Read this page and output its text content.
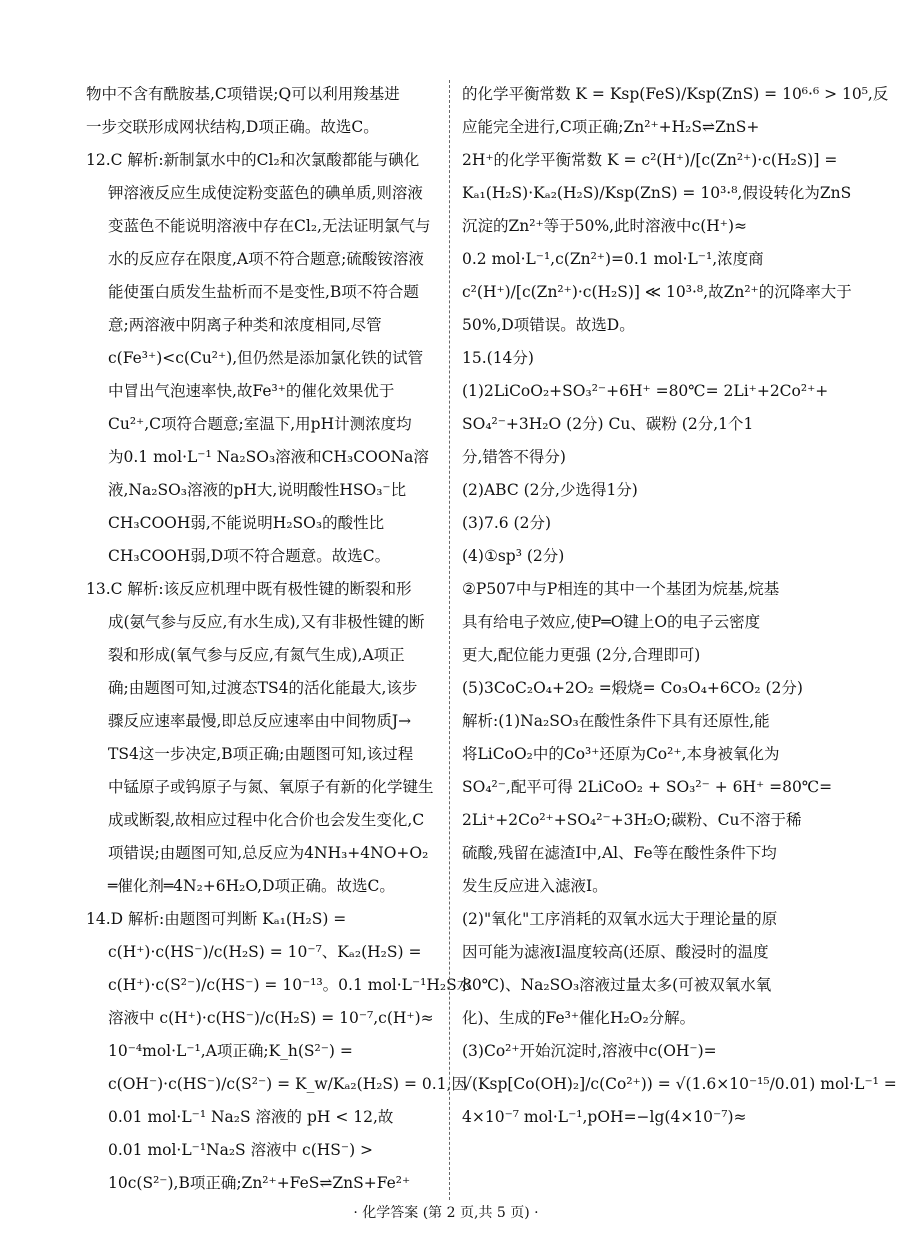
物中不含有酰胺基,C项错误;Q可以利用羧基进
一步交联形成网状结构,D项正确。故选C。
12.C 解析:新制氯水中的Cl₂和次氯酸都能与碘化
钾溶液反应生成使淀粉变蓝色的碘单质,则溶液
变蓝色不能说明溶液中存在Cl₂,无法证明氯气与
水的反应存在限度,A项不符合题意;硫酸铵溶液
能使蛋白质发生盐析而不是变性,B项不符合题
意;两溶液中阴离子种类和浓度相同,尽管
c(Fe³⁺)<c(Cu²⁺),但仍然是添加氯化铁的试管
中冒出气泡速率快,故Fe³⁺的催化效果优于
Cu²⁺,C项符合题意;室温下,用pH计测浓度均
为0.1 mol·L⁻¹ Na₂SO₃溶液和CH₃COONa溶
液,Na₂SO₃溶液的pH大,说明酸性HSO₃⁻比
CH₃COOH弱,不能说明H₂SO₃的酸性比
CH₃COOH弱,D项不符合题意。故选C。
13.C 解析:该反应机理中既有极性键的断裂和形
成(氨气参与反应,有水生成),又有非极性键的断
裂和形成(氧气参与反应,有氮气生成),A项正
确;由题图可知,过渡态TS4的活化能最大,该步
骤反应速率最慢,即总反应速率由中间物质J→
TS4这一步决定,B项正确;由题图可知,该过程
中锰原子或钨原子与氮、氧原子有新的化学键生
成或断裂,故相应过程中化合价也会发生变化,C
项错误;由题图可知,总反应为4NH₃+4NO+O₂
═催化剂═4N₂+6H₂O,D项正确。故选C。
14.D 解析:由题图可判断 Kₐ₁(H₂S) =
c(H⁺)·c(HS⁻)/c(H₂S) = 10⁻⁷、Kₐ₂(H₂S) =
c(H⁺)·c(S²⁻)/c(HS⁻) = 10⁻¹³。0.1 mol·L⁻¹H₂S水
溶液中 c(H⁺)·c(HS⁻)/c(H₂S) = 10⁻⁷,c(H⁺)≈
10⁻⁴mol·L⁻¹,A项正确;K_h(S²⁻) =
c(OH⁻)·c(HS⁻)/c(S²⁻) = K_w/Kₐ₂(H₂S) = 0.1,因
0.01 mol·L⁻¹ Na₂S 溶液的 pH < 12,故
0.01 mol·L⁻¹Na₂S 溶液中 c(HS⁻) >
10c(S²⁻),B项正确;Zn²⁺+FeS⇌ZnS+Fe²⁺
的化学平衡常数 K = Ksp(FeS)/Ksp(ZnS) = 10⁶·⁶ > 10⁵,反
应能完全进行,C项正确;Zn²⁺+H₂S⇌ZnS+
2H⁺的化学平衡常数 K = c²(H⁺)/[c(Zn²⁺)·c(H₂S)] =
Kₐ₁(H₂S)·Kₐ₂(H₂S)/Ksp(ZnS) = 10³·⁸,假设转化为ZnS
沉淀的Zn²⁺等于50%,此时溶液中c(H⁺)≈
0.2 mol·L⁻¹,c(Zn²⁺)=0.1 mol·L⁻¹,浓度商
c²(H⁺)/[c(Zn²⁺)·c(H₂S)] ≪ 10³·⁸,故Zn²⁺的沉降率大于
50%,D项错误。故选D。
15.(14分)
(1)2LiCoO₂+SO₃²⁻+6H⁺ =80℃= 2Li⁺+2Co²⁺+
SO₄²⁻+3H₂O (2分) Cu、碳粉 (2分,1个1
分,错答不得分)
(2)ABC (2分,少选得1分)
(3)7.6 (2分)
(4)①sp³ (2分)
②P507中与P相连的其中一个基团为烷基,烷基
具有给电子效应,使P═O键上O的电子云密度
更大,配位能力更强 (2分,合理即可)
(5)3CoC₂O₄+2O₂ =煅烧= Co₃O₄+6CO₂ (2分)
解析:(1)Na₂SO₃在酸性条件下具有还原性,能
将LiCoO₂中的Co³⁺还原为Co²⁺,本身被氧化为
SO₄²⁻,配平可得 2LiCoO₂ + SO₃²⁻ + 6H⁺ =80℃=
2Li⁺+2Co²⁺+SO₄²⁻+3H₂O;碳粉、Cu不溶于稀
硫酸,残留在滤渣Ⅰ中,Al、Fe等在酸性条件下均
发生反应进入滤液Ⅰ。
(2)"氧化"工序消耗的双氧水远大于理论量的原
因可能为滤液Ⅰ温度较高(还原、酸浸时的温度
80℃)、Na₂SO₃溶液过量太多(可被双氧水氧
化)、生成的Fe³⁺催化H₂O₂分解。
(3)Co²⁺开始沉淀时,溶液中c(OH⁻)=
√(Ksp[Co(OH)₂]/c(Co²⁺)) = √(1.6×10⁻¹⁵/0.01) mol·L⁻¹ =
4×10⁻⁷ mol·L⁻¹,pOH=−lg(4×10⁻⁷)≈
· 化学答案 (第 2 页,共 5 页) ·
